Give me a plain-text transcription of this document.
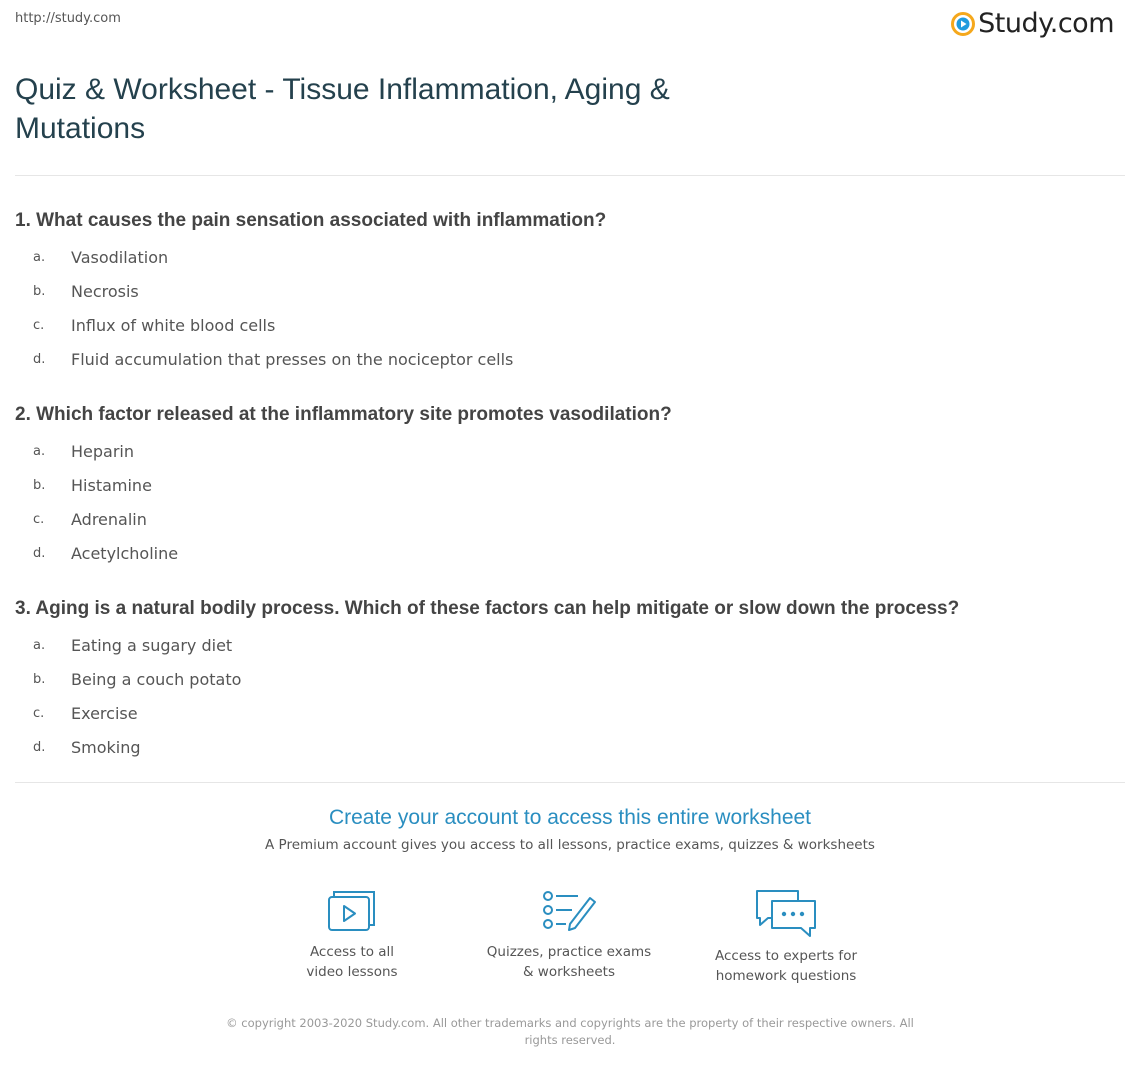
http://study.com	Study.com
Quiz & Worksheet - Tissue Inflammation, Aging & Mutations

1. What causes the pain sensation associated with inflammation?

a.	Vasodilation
b.	Necrosis
c.	Influx of white blood cells
d.	Fluid accumulation that presses on the nociceptor cells

2. Which factor released at the inflammatory site promotes vasodilation?

a.	Heparin
b.	Histamine
c.	Adrenalin
d.	Acetylcholine

3. Aging is a natural bodily process. Which of these factors can help mitigate or slow down the process?

a.	Eating a sugary diet
b.	Being a couch potato
c.	Exercise
d.	Smoking

Create your account to access this entire worksheet

A Premium account gives you access to all lessons, practice exams, quizzes & worksheets
Access to all
video lessons
Quizzes, practice exams
& worksheets
Access to experts for
homework questions
© copyright 2003-2020 Study.com. All other trademarks and copyrights are the property of their respective owners. All rights reserved.
